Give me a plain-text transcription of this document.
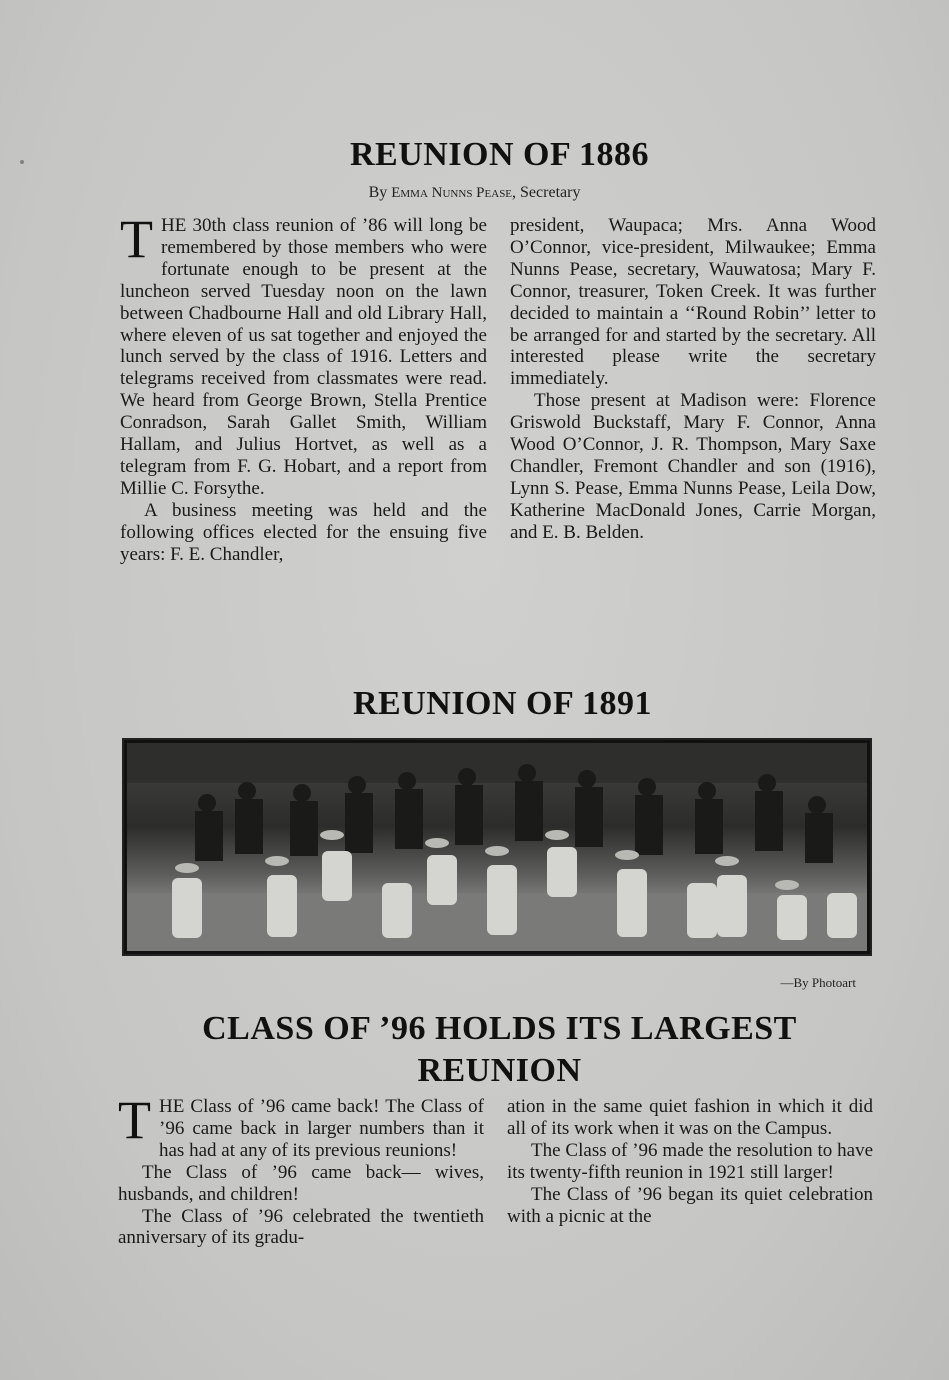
REUNION OF 1886
By Emma Nunns Pease, Secretary

THE 30th class reunion of ’86 will long be remembered by those members who were fortunate enough to be present at the luncheon served Tuesday noon on the lawn between Chadbourne Hall and old Library Hall, where eleven of us sat together and enjoyed the lunch served by the class of 1916. Letters and telegrams received from classmates were read. We heard from George Brown, Stella Prentice Conradson, Sarah Gallet Smith, William Hallam, and Julius Hortvet, as well as a telegram from F. G. Hobart, and a report from Millie C. Forsythe.

A business meeting was held and the following offices elected for the ensuing five years: F. E. Chandler,

president, Waupaca; Mrs. Anna Wood O’Connor, vice-president, Milwaukee; Emma Nunns Pease, secretary, Wauwatosa; Mary F. Connor, treasurer, Token Creek. It was further decided to maintain a ‘‘Round Robin’’ letter to be arranged for and started by the secretary. All interested please write the secretary immediately.

Those present at Madison were: Florence Griswold Buckstaff, Mary F. Connor, Anna Wood O’Connor, J. R. Thompson, Mary Saxe Chandler, Fremont Chandler and son (1916), Lynn S. Pease, Emma Nunns Pease, Leila Dow, Katherine MacDonald Jones, Carrie Morgan, and E. B. Belden.

REUNION OF 1891
—By Photoart
CLASS OF ’96 HOLDS ITS LARGEST
REUNION

THE Class of ’96 came back! The Class of ’96 came back in larger numbers than it has had at any of its previous reunions!

The Class of ’96 came back— wives, husbands, and children!

The Class of ’96 celebrated the twentieth anniversary of its gradu-

ation in the same quiet fashion in which it did all of its work when it was on the Campus.

The Class of ’96 made the resolution to have its twenty-fifth reunion in 1921 still larger!

The Class of ’96 began its quiet celebration with a picnic at the
